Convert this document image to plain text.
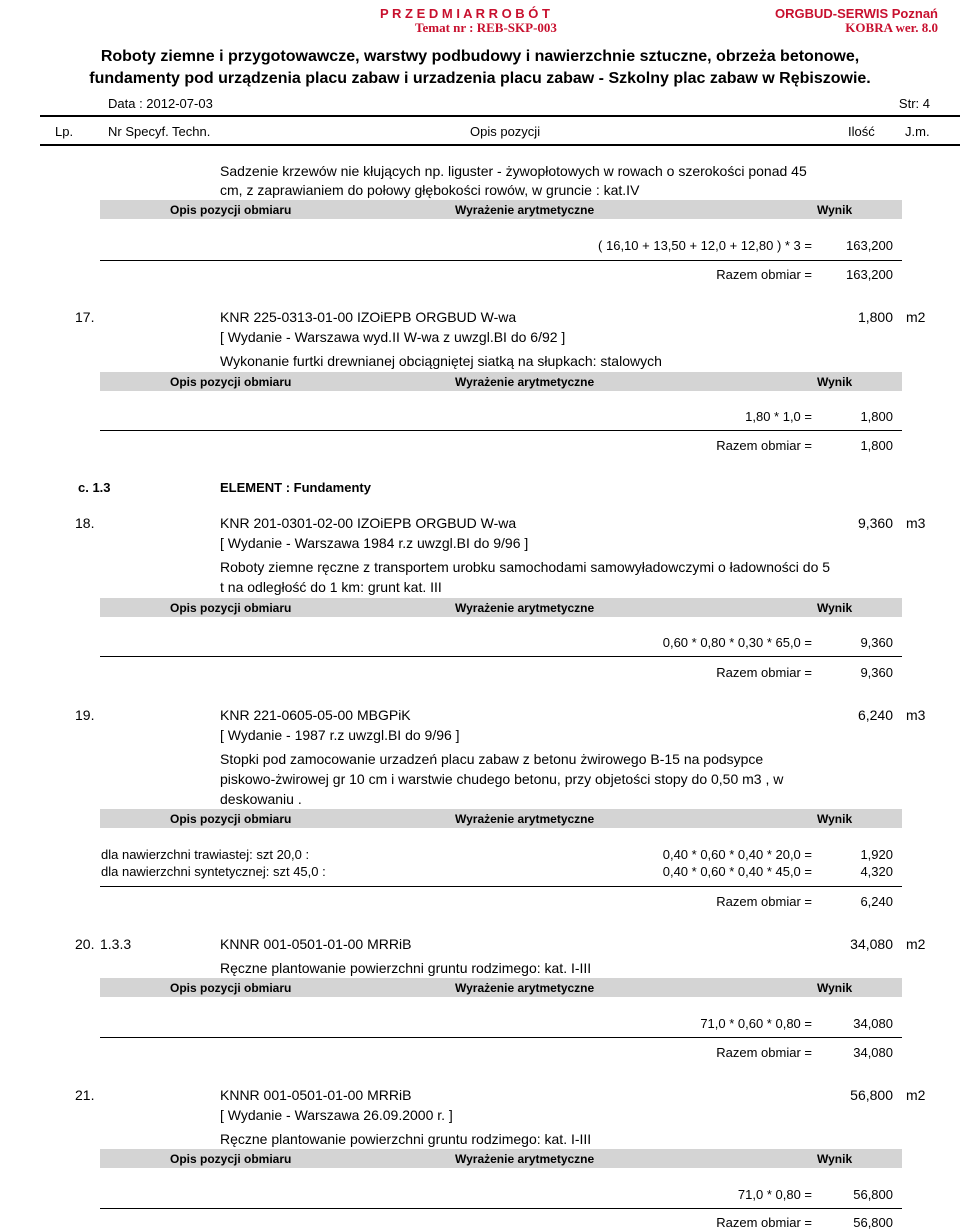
P R Z E D M I A R R O B Ó T
Temat nr : REB-SKP-003
ORGBUD-SERWIS Poznań
KOBRA wer. 8.0
Roboty ziemne i przygotowawcze, warstwy podbudowy i nawierzchnie sztuczne, obrzeża betonowe,
fundamenty pod urządzenia placu zabaw i urzadzenia placu zabaw - Szkolny plac zabaw w Rębiszowie.
Data : 2012-07-03	Str: 4
Lp.	Nr Specyf. Techn.	Opis pozycji	Ilość J.m.
Sadzenie krzewów nie kłujących np. liguster - żywopłotowych w rowach o szerokości ponad 45
cm, z zaprawianiem do połowy głębokości rowów, w gruncie : kat.IV
Opis pozycji obmiaru	Wyrażenie arytmetyczne	Wynik
( 16,10 + 13,50 + 12,0 + 12,80 ) * 3 =	163,200
Razem obmiar =	163,200
17.	KNR 225-0313-01-00 IZOiEPB ORGBUD W-wa	1,800 m2
[ Wydanie - Warszawa wyd.II W-wa z uwzgl.BI do 6/92 ]
Wykonanie furtki drewnianej obciągniętej siatką na słupkach: stalowych
Opis pozycji obmiaru	Wyrażenie arytmetyczne	Wynik
1,80 * 1,0 =	1,800
Razem obmiar =	1,800
c. 1.3	ELEMENT : Fundamenty
18.	KNR 201-0301-02-00 IZOiEPB ORGBUD W-wa	9,360 m3
[ Wydanie - Warszawa 1984 r.z uwzgl.BI do 9/96 ]
Roboty ziemne ręczne z transportem urobku samochodami samowyładowczymi o ładowności do 5
t na odległość do 1 km: grunt kat. III
Opis pozycji obmiaru	Wyrażenie arytmetyczne	Wynik
0,60 * 0,80 * 0,30 * 65,0 =	9,360
Razem obmiar =	9,360
19.	KNR 221-0605-05-00 MBGPiK	6,240 m3
[ Wydanie - 1987 r.z uwzgl.BI do 9/96 ]
Stopki pod zamocowanie urzadzeń placu zabaw z betonu żwirowego B-15 na podsypce
piskowo-żwirowej gr 10 cm i warstwie chudego betonu, przy objetości stopy do 0,50 m3 , w
deskowaniu .
Opis pozycji obmiaru	Wyrażenie arytmetyczne	Wynik
dla nawierzchni trawiastej: szt 20,0 :	0,40 * 0,60 * 0,40 * 20,0 =	1,920
dla nawierzchni syntetycznej: szt 45,0 :	0,40 * 0,60 * 0,40 * 45,0 =	4,320
Razem obmiar =	6,240
20. 1.3.3	KNNR 001-0501-01-00 MRRiB	34,080 m2
Ręczne plantowanie powierzchni gruntu rodzimego: kat. I-III
Opis pozycji obmiaru	Wyrażenie arytmetyczne	Wynik
71,0 * 0,60 * 0,80 =	34,080
Razem obmiar =	34,080
21.	KNNR 001-0501-01-00 MRRiB	56,800 m2
[ Wydanie - Warszawa 26.09.2000 r. ]
Ręczne plantowanie powierzchni gruntu rodzimego: kat. I-III
Opis pozycji obmiaru	Wyrażenie arytmetyczne	Wynik
71,0 * 0,80 =	56,800
Razem obmiar =	56,800
